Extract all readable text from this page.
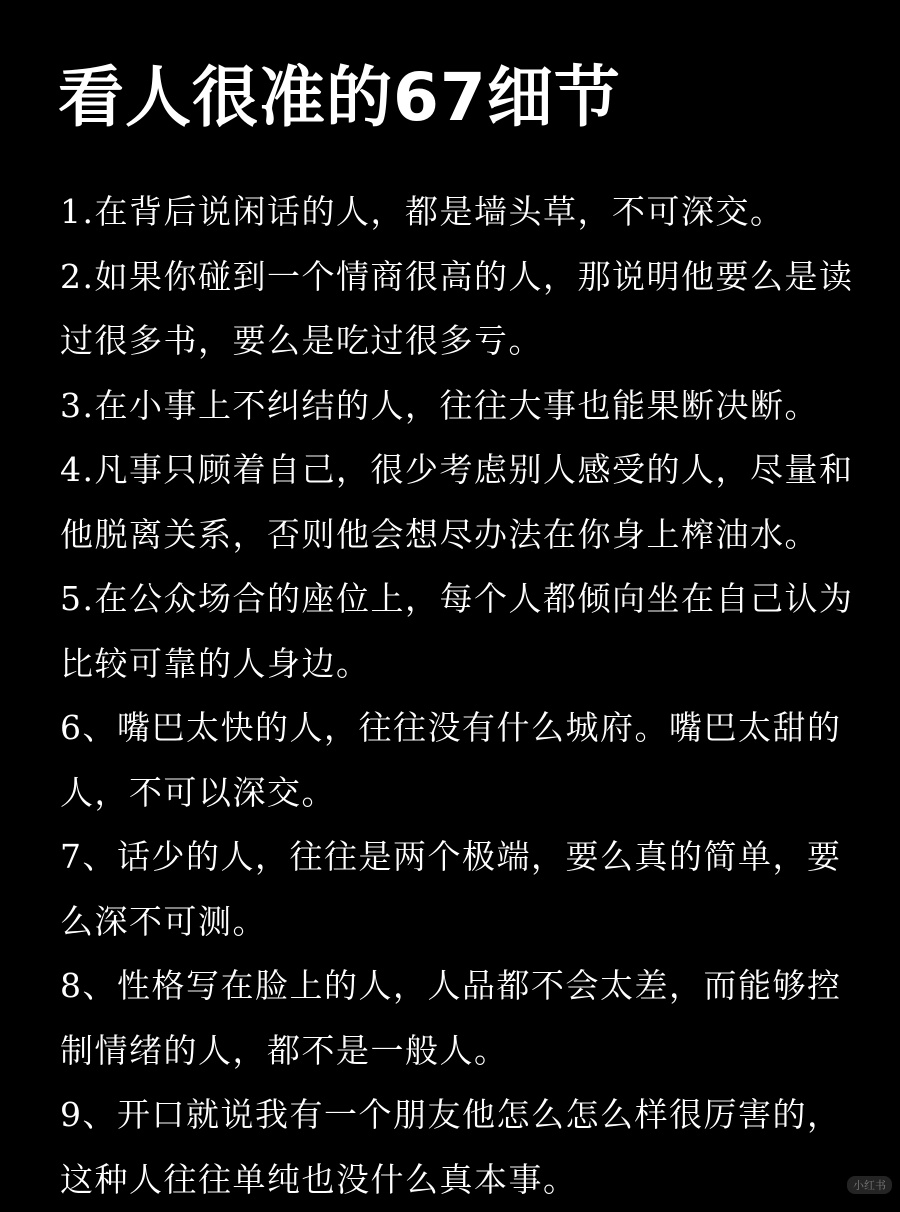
看人很准的67细节

1.在背后说闲话的人，都是墙头草，不可深交。

2.如果你碰到一个情商很高的人，那说明他要么是读过很多书，要么是吃过很多亏。

3.在小事上不纠结的人，往往大事也能果断决断。

4.凡事只顾着自己，很少考虑别人感受的人，尽量和他脱离关系，否则他会想尽办法在你身上榨油水。

5.在公众场合的座位上，每个人都倾向坐在自己认为比较可靠的人身边。

6、嘴巴太快的人，往往没有什么城府。嘴巴太甜的人，不可以深交。

7、话少的人，往往是两个极端，要么真的简单，要么深不可测。

8、性格写在脸上的人，人品都不会太差，而能够控制情绪的人，都不是一般人。

9、开口就说我有一个朋友他怎么怎么样很厉害的，这种人往往单纯也没什么真本事。	小红书
